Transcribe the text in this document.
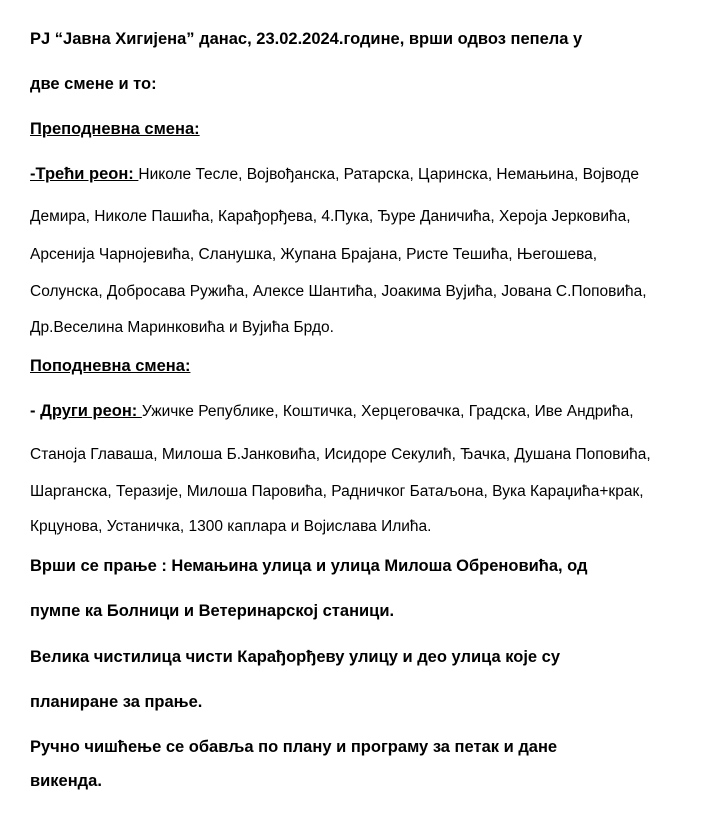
PJ “Јавна Хигијена” данас, 23.02.2024.године, врши одвоз пепела у
две смене и то:
Преподневна смена:
-Трећи реон: Николе Тесле, Војвођанска, Ратарска, Царинска, Немањина, Војводе
Демира, Николе Пашића, Карађорђева, 4.Пука, Ђуре Даничића, Хероја Јерковића,
Арсенија Чарнојевића, Сланушка, Жупана Брајана, Ристе Тешића, Његошева,
Солунска, Добросава Ружића, Алексе Шантића, Јоакима Вујића, Јована С.Поповића,
Др.Веселина Маринковића и Вујића Брдо.
Поподневна смена:
- Други реон: Ужичке Републике, Коштичка, Херцеговачка, Градска, Иве Андрића,
Станоја Главаша, Милоша Б.Јанковића, Исидоре Секулић, Ђачка, Душана Поповића,
Шарганска, Теразије, Милоша Паровића, Радничког Батаљона, Вука Караџића+крак,
Крцунова, Устаничка, 1300 каплара и Војислава Илића.
Врши се прање : Немањина улица и улица Милоша Обреновића, од
пумпе ка Болници и Ветеринарској станици.
Велика чистилица чисти Карађорђеву улицу и део улица које су
планиране за прање.
Ручно чишћење се обавља по плану и програму за петак и дане
викенда.
